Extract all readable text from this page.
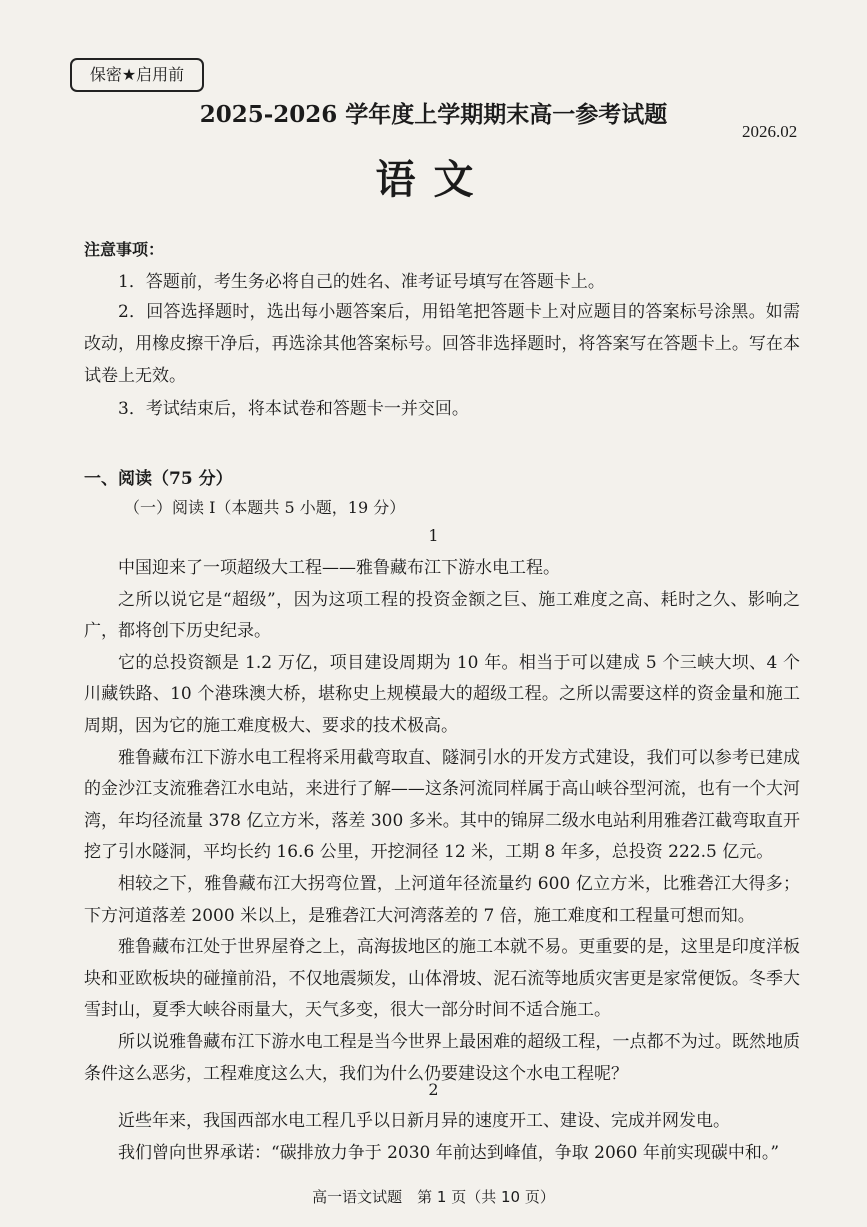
保密★启用前
2025-2026 学年度上学期期末高一参考试题
2026.02
语文
注意事项：
1．答题前，考生务必将自己的姓名、准考证号填写在答题卡上。
2．回答选择题时，选出每小题答案后，用铅笔把答题卡上对应题目的答案标号涂黑。如需改动，用橡皮擦干净后，再选涂其他答案标号。回答非选择题时，将答案写在答题卡上。写在本试卷上无效。
3．考试结束后，将本试卷和答题卡一并交回。
一、阅读（75 分）
（一）阅读 I（本题共 5 小题，19 分）
1

中国迎来了一项超级大工程——雅鲁藏布江下游水电工程。

之所以说它是“超级”，因为这项工程的投资金额之巨、施工难度之高、耗时之久、影响之广，都将创下历史纪录。

它的总投资额是 1.2 万亿，项目建设周期为 10 年。相当于可以建成 5 个三峡大坝、4 个川藏铁路、10 个港珠澳大桥，堪称史上规模最大的超级工程。之所以需要这样的资金量和施工周期，因为它的施工难度极大、要求的技术极高。

雅鲁藏布江下游水电工程将采用截弯取直、隧洞引水的开发方式建设，我们可以参考已建成的金沙江支流雅砻江水电站，来进行了解——这条河流同样属于高山峡谷型河流，也有一个大河湾，年均径流量 378 亿立方米，落差 300 多米。其中的锦屏二级水电站利用雅砻江截弯取直开挖了引水隧洞，平均长约 16.6 公里，开挖洞径 12 米，工期 8 年多，总投资 222.5 亿元。

相较之下，雅鲁藏布江大拐弯位置，上河道年径流量约 600 亿立方米，比雅砻江大得多；下方河道落差 2000 米以上，是雅砻江大河湾落差的 7 倍，施工难度和工程量可想而知。

雅鲁藏布江处于世界屋脊之上，高海拔地区的施工本就不易。更重要的是，这里是印度洋板块和亚欧板块的碰撞前沿，不仅地震频发，山体滑坡、泥石流等地质灾害更是家常便饭。冬季大雪封山，夏季大峡谷雨量大，天气多变，很大一部分时间不适合施工。

所以说雅鲁藏布江下游水电工程是当今世界上最困难的超级工程，一点都不为过。既然地质条件这么恶劣，工程难度这么大，我们为什么仍要建设这个水电工程呢？

2

近些年来，我国西部水电工程几乎以日新月异的速度开工、建设、完成并网发电。

我们曾向世界承诺：“碳排放力争于 2030 年前达到峰值，争取 2060 年前实现碳中和。”

高一语文试题　第 1 页（共 10 页）
